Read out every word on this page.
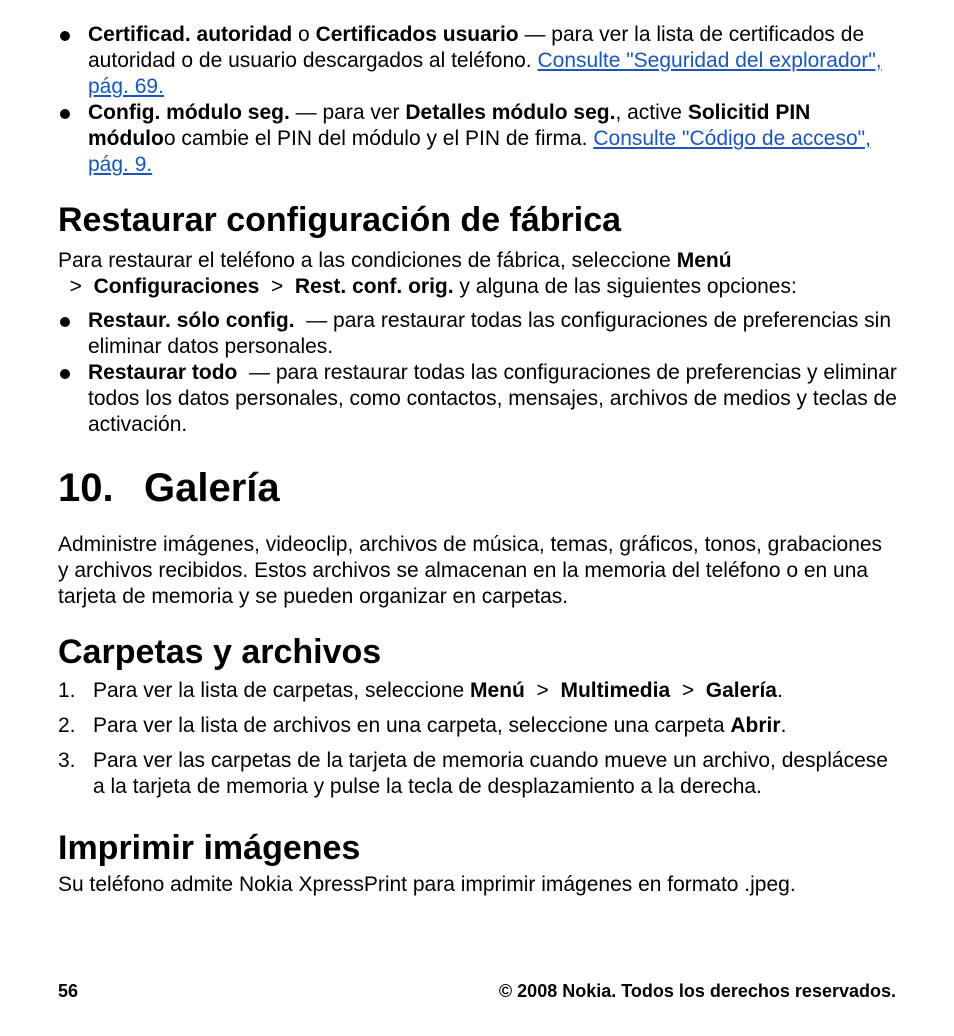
Certificad. autoridad o Certificados usuario — para ver la lista de certificados de autoridad o de usuario descargados al teléfono. Consulte "Seguridad del explorador", pág. 69.
Config. módulo seg. — para ver Detalles módulo seg., active Solicitid PIN móduloo cambie el PIN del módulo y el PIN de firma. Consulte "Código de acceso", pág. 9.
Restaurar configuración de fábrica

Para restaurar el teléfono a las condiciones de fábrica, seleccione Menú  >  Configuraciones  >  Rest. conf. orig. y alguna de las siguientes opciones:

Restaur. sólo config.  — para restaurar todas las configuraciones de preferencias sin eliminar datos personales.
Restaurar todo  — para restaurar todas las configuraciones de preferencias y eliminar todos los datos personales, como contactos, mensajes, archivos de medios y teclas de activación.
10. Galería

Administre imágenes, videoclip, archivos de música, temas, gráficos, tonos, grabaciones y archivos recibidos. Estos archivos se almacenan en la memoria del teléfono o en una tarjeta de memoria y se pueden organizar en carpetas.

Carpetas y archivos
1. Para ver la lista de carpetas, seleccione Menú  >  Multimedia  >  Galería.
2. Para ver la lista de archivos en una carpeta, seleccione una carpeta Abrir.
3. Para ver las carpetas de la tarjeta de memoria cuando mueve un archivo, desplácese a la tarjeta de memoria y pulse la tecla de desplazamiento a la derecha.
Imprimir imágenes

Su teléfono admite Nokia XpressPrint para imprimir imágenes en formato .jpeg.

56	© 2008 Nokia. Todos los derechos reservados.
